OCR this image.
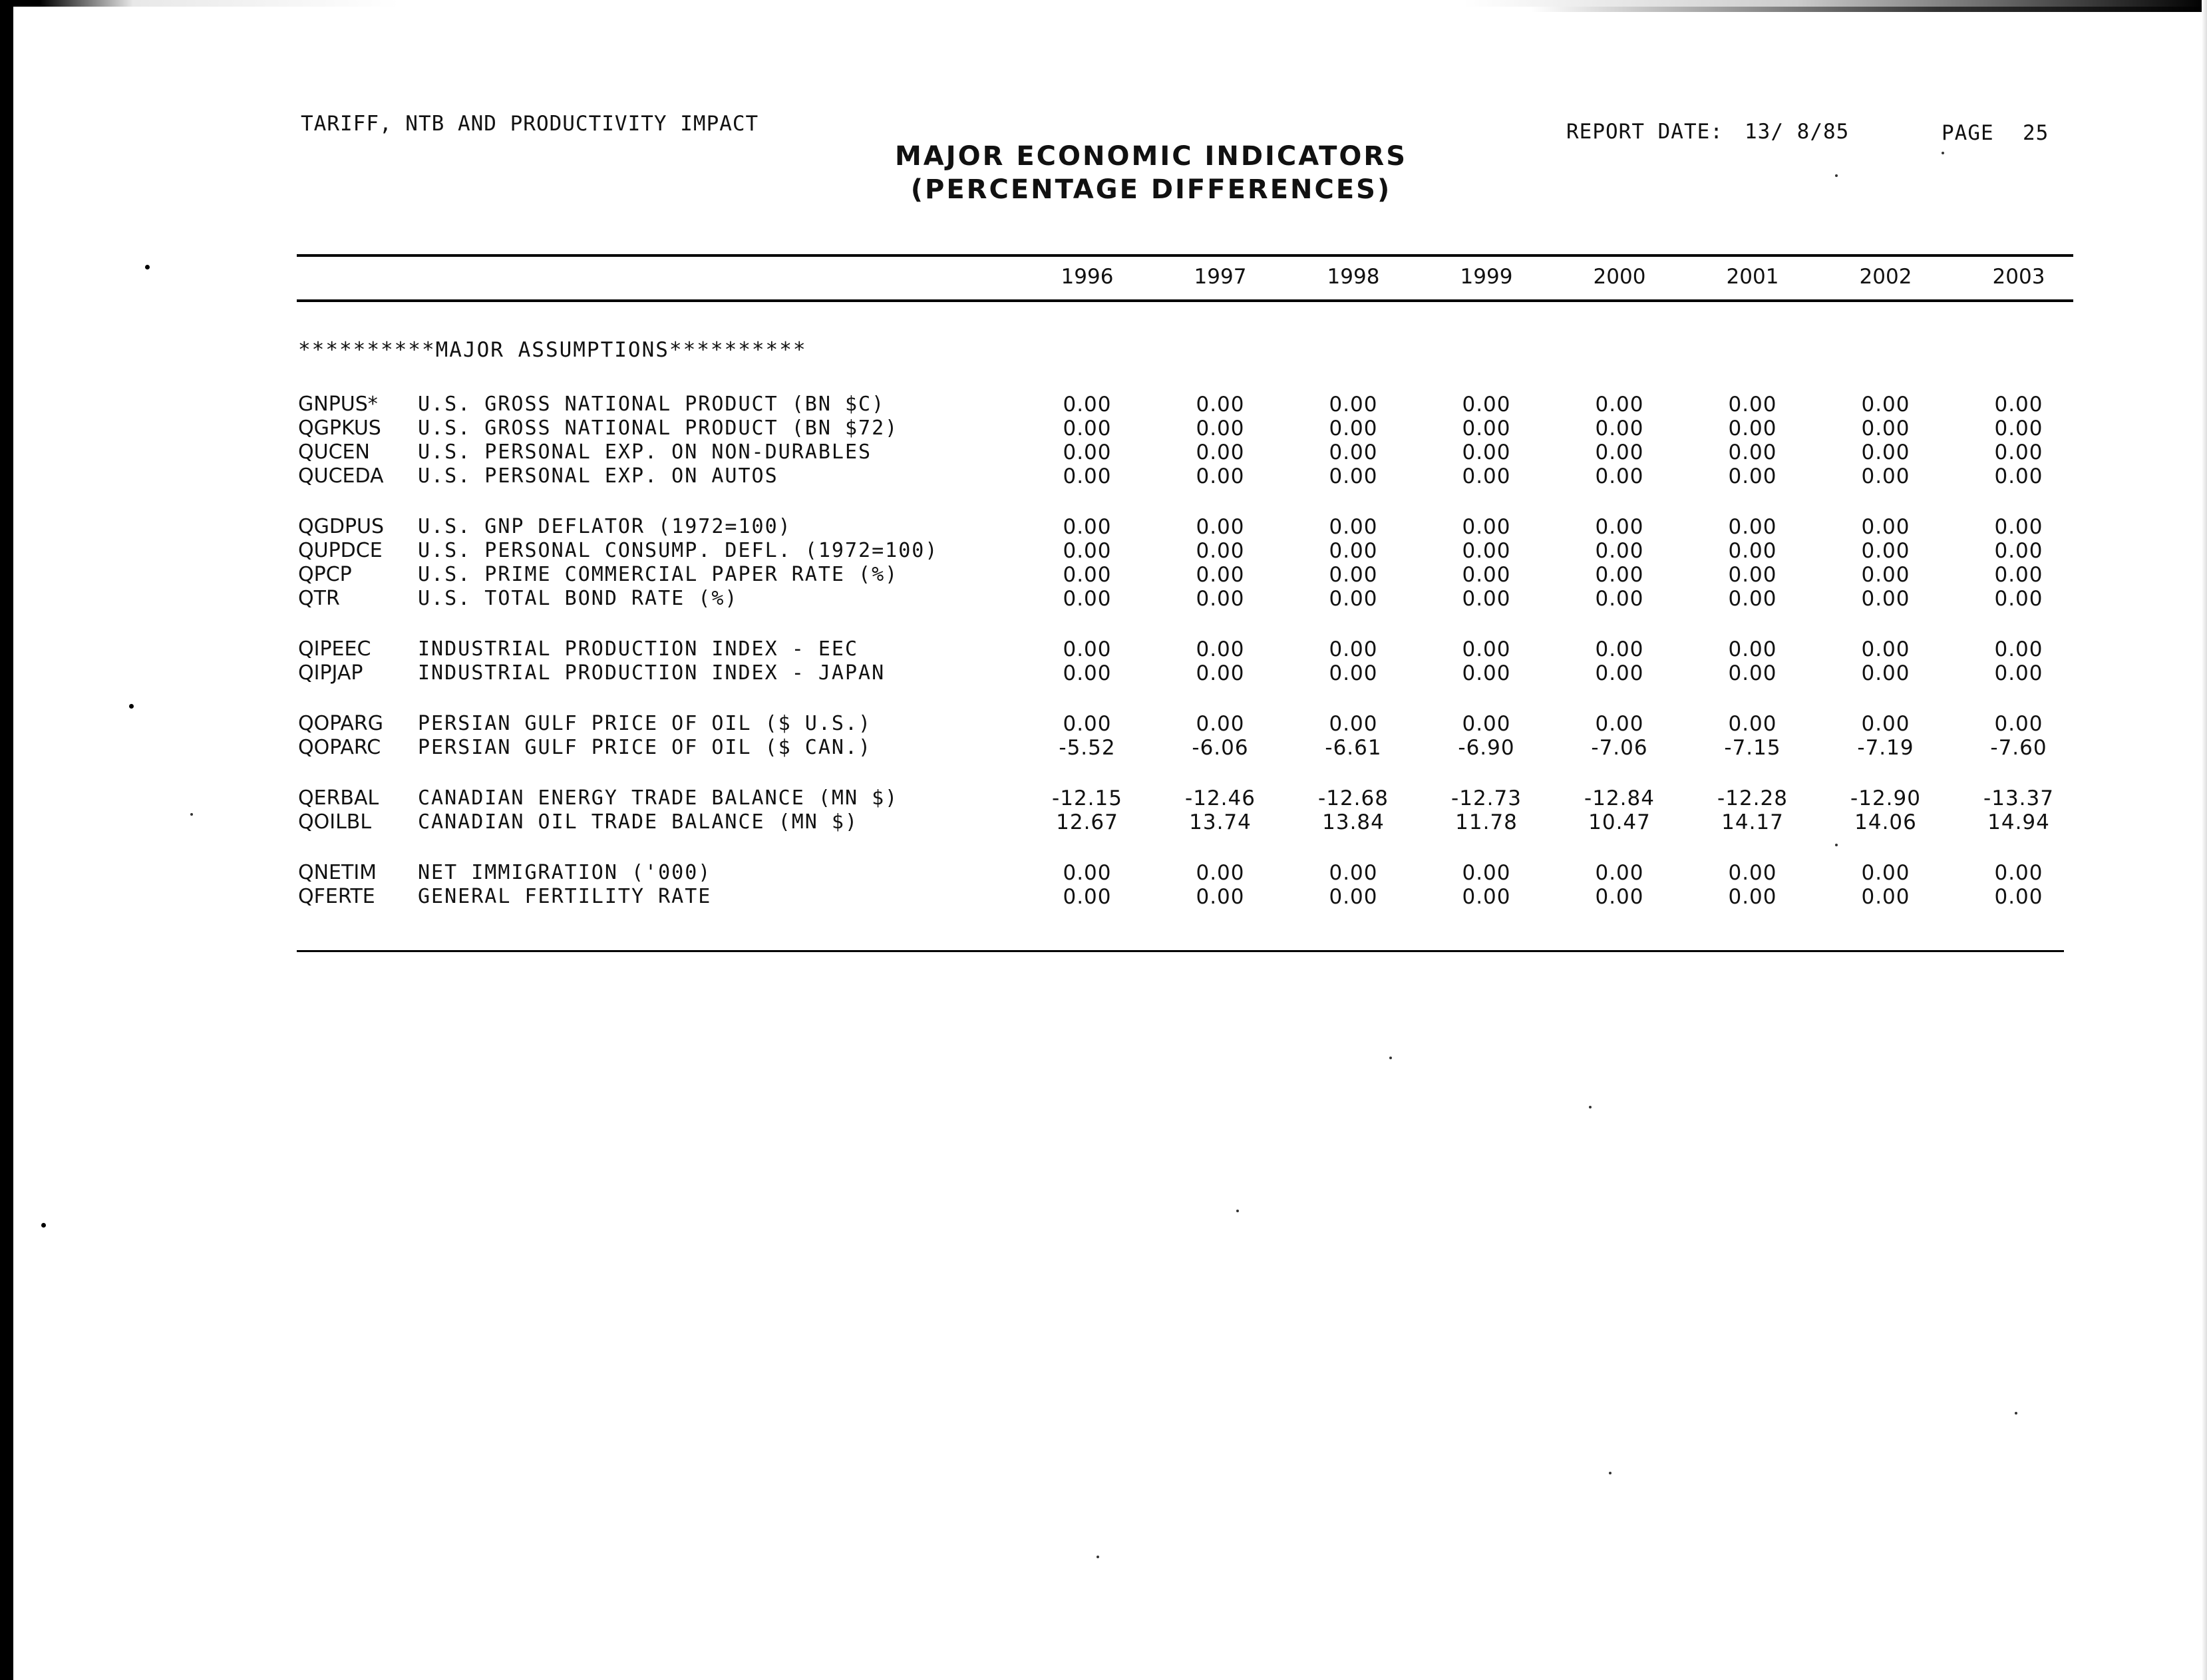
TARIFF, NTB AND PRODUCTIVITY IMPACT	REPORT DATE: 13/ 8/85	PAGE 25
MAJOR ECONOMIC INDICATORS
(PERCENTAGE DIFFERENCES)
1996	1997	1998	1999	2000	2001	2002	2003
**********MAJOR ASSUMPTIONS**********
GNPUS* U.S. GROSS NATIONAL PRODUCT (BN $C)	0.00	0.00	0.00	0.00	0.00	0.00	0.00	0.00
QGPKUS U.S. GROSS NATIONAL PRODUCT (BN $72)	0.00	0.00	0.00	0.00	0.00	0.00	0.00	0.00
QUCEN U.S. PERSONAL EXP. ON NON-DURABLES	0.00	0.00	0.00	0.00	0.00	0.00	0.00	0.00
QUCEDA U.S. PERSONAL EXP. ON AUTOS	0.00	0.00	0.00	0.00	0.00	0.00	0.00	0.00
QGDPUS U.S. GNP DEFLATOR (1972=100)	0.00	0.00	0.00	0.00	0.00	0.00	0.00	0.00
QUPDCE U.S. PERSONAL CONSUMP. DEFL. (1972=100)	0.00	0.00	0.00	0.00	0.00	0.00	0.00	0.00
QPCP	U.S. PRIME COMMERCIAL PAPER RATE (%)	0.00	0.00	0.00	0.00	0.00	0.00	0.00	0.00
QTR	U.S. TOTAL BOND RATE (%)	0.00	0.00	0.00	0.00	0.00	0.00	0.00	0.00
QIPEEC INDUSTRIAL PRODUCTION INDEX - EEC	0.00	0.00	0.00	0.00	0.00	0.00	0.00	0.00
QIPJAP	INDUSTRIAL PRODUCTION INDEX - JAPAN	0.00	0.00	0.00	0.00	0.00	0.00	0.00	0.00
QOPARG PERSIAN GULF PRICE OF OIL ($ U.S.)	0.00	0.00	0.00	0.00	0.00	0.00	0.00	0.00
QOPARC PERSIAN GULF PRICE OF OIL ($ CAN.)	-5.52	-6.06	-6.61	-6.90	-7.06	-7.15	-7.19	-7.60
QERBAL CANADIAN ENERGY TRADE BALANCE (MN $)	-12.15	-12.46	-12.68	-12.73	-12.84	-12.28	-12.90	-13.37
QOILBL CANADIAN OIL TRADE BALANCE (MN $)	12.67	13.74	13.84	11.78	10.47	14.17	14.06	14.94
QNETIM NET IMMIGRATION ('000)	0.00	0.00	0.00	0.00	0.00	0.00	0.00	0.00
QFERTE GENERAL FERTILITY RATE	0.00	0.00	0.00	0.00	0.00	0.00	0.00	0.00
